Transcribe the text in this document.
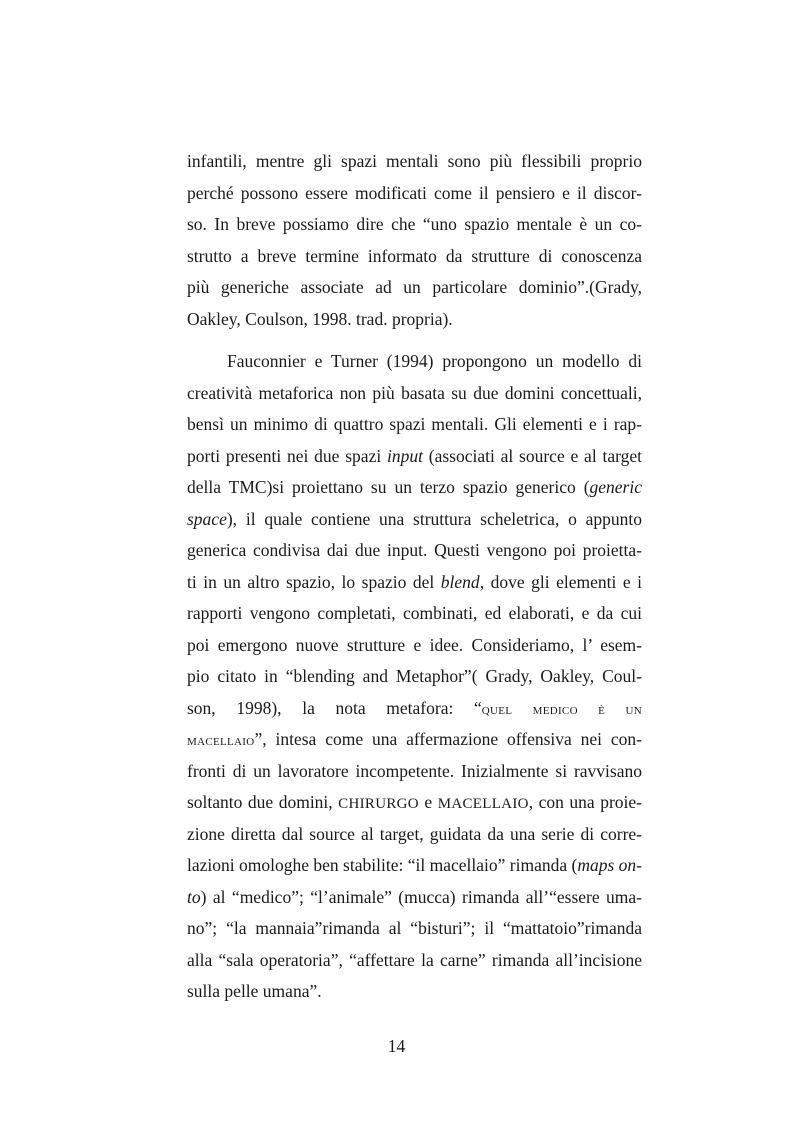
infantili, mentre gli spazi mentali sono più flessibili proprio
perché possono essere modificati come il pensiero e il discor-
so. In breve possiamo dire che “uno spazio mentale è un co-
strutto a breve termine informato da strutture di conoscenza
più generiche associate ad un particolare dominio”.(Grady,
Oakley, Coulson, 1998. trad. propria).

Fauconnier e Turner (1994) propongono un modello di
creatività metaforica non più basata su due domini concettuali,
bensì un minimo di quattro spazi mentali. Gli elementi e i rap-
porti presenti nei due spazi input (associati al source e al target
della TMC)si proiettano su un terzo spazio generico (generic
space), il quale contiene una struttura scheletrica, o appunto
generica condivisa dai due input. Questi vengono poi proietta-
ti in un altro spazio, lo spazio del blend, dove gli elementi e i
rapporti vengono completati, combinati, ed elaborati, e da cui
poi emergono nuove strutture e idee. Consideriamo, l’ esem-
pio citato in “blending and Metaphor”( Grady, Oakley, Coul-
son, 1998), la nota metafora: “quel medico è un
macellaio”, intesa come una affermazione offensiva nei con-
fronti di un lavoratore incompetente. Inizialmente si ravvisano
soltanto due domini, CHIRURGO e MACELLAIO, con una proie-
zione diretta dal source al target, guidata da una serie di corre-
lazioni omologhe ben stabilite: “il macellaio” rimanda (maps on-
to) al “medico”; “l’animale” (mucca) rimanda all’“essere uma-
no”; “la mannaia”rimanda al “bisturi”; il “mattatoio”rimanda
alla “sala operatoria”, “affettare la carne” rimanda all’incisione
sulla pelle umana”.

14
